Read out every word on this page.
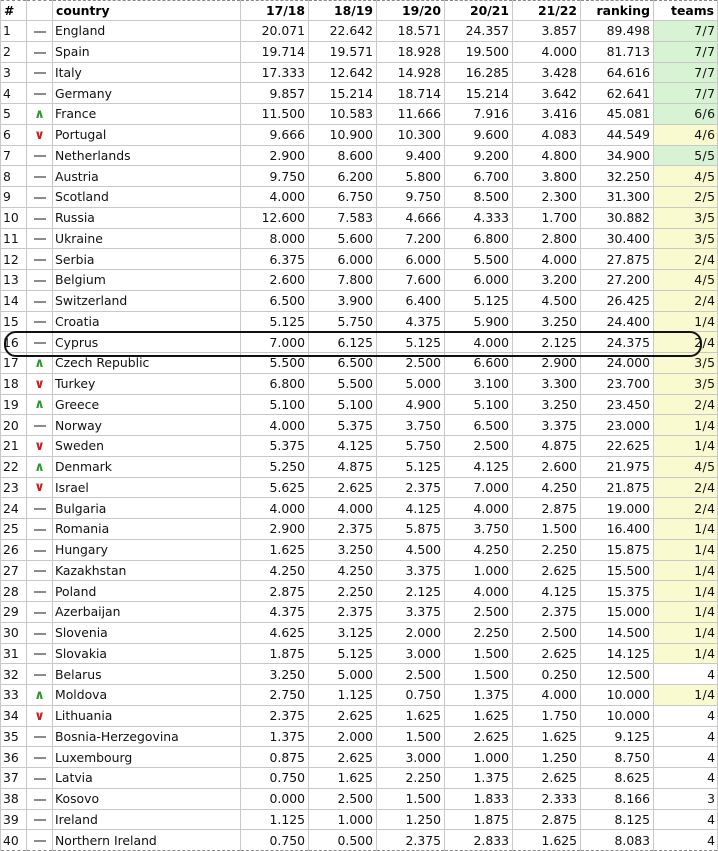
#		country	17/18	18/19	19/20	20/21	21/22	ranking	teams
1		England	20.071	22.642	18.571	24.357	3.857	89.498	7/7
2		Spain	19.714	19.571	18.928	19.500	4.000	81.713	7/7
3		Italy	17.333	12.642	14.928	16.285	3.428	64.616	7/7
4		Germany	9.857	15.214	18.714	15.214	3.642	62.641	7/7
5	∧	France	11.500	10.583	11.666	7.916	3.416	45.081	6/6
6	∨	Portugal	9.666	10.900	10.300	9.600	4.083	44.549	4/6
7		Netherlands	2.900	8.600	9.400	9.200	4.800	34.900	5/5
8		Austria	9.750	6.200	5.800	6.700	3.800	32.250	4/5
9		Scotland	4.000	6.750	9.750	8.500	2.300	31.300	2/5
10		Russia	12.600	7.583	4.666	4.333	1.700	30.882	3/5
11		Ukraine	8.000	5.600	7.200	6.800	2.800	30.400	3/5
12		Serbia	6.375	6.000	6.000	5.500	4.000	27.875	2/4
13		Belgium	2.600	7.800	7.600	6.000	3.200	27.200	4/5
14		Switzerland	6.500	3.900	6.400	5.125	4.500	26.425	2/4
15		Croatia	5.125	5.750	4.375	5.900	3.250	24.400	1/4
16		Cyprus	7.000	6.125	5.125	4.000	2.125	24.375	2/4
17	∧	Czech Republic	5.500	6.500	2.500	6.600	2.900	24.000	3/5
18	∨	Turkey	6.800	5.500	5.000	3.100	3.300	23.700	3/5
19	∧	Greece	5.100	5.100	4.900	5.100	3.250	23.450	2/4
20		Norway	4.000	5.375	3.750	6.500	3.375	23.000	1/4
21	∨	Sweden	5.375	4.125	5.750	2.500	4.875	22.625	1/4
22	∧	Denmark	5.250	4.875	5.125	4.125	2.600	21.975	4/5
23	∨	Israel	5.625	2.625	2.375	7.000	4.250	21.875	2/4
24		Bulgaria	4.000	4.000	4.125	4.000	2.875	19.000	2/4
25		Romania	2.900	2.375	5.875	3.750	1.500	16.400	1/4
26		Hungary	1.625	3.250	4.500	4.250	2.250	15.875	1/4
27		Kazakhstan	4.250	4.250	3.375	1.000	2.625	15.500	1/4
28		Poland	2.875	2.250	2.125	4.000	4.125	15.375	1/4
29		Azerbaijan	4.375	2.375	3.375	2.500	2.375	15.000	1/4
30		Slovenia	4.625	3.125	2.000	2.250	2.500	14.500	1/4
31		Slovakia	1.875	5.125	3.000	1.500	2.625	14.125	1/4
32		Belarus	3.250	5.000	2.500	1.500	0.250	12.500	4
33	∧	Moldova	2.750	1.125	0.750	1.375	4.000	10.000	1/4
34	∨	Lithuania	2.375	2.625	1.625	1.625	1.750	10.000	4
35		Bosnia-Herzegovina	1.375	2.000	1.500	2.625	1.625	9.125	4
36		Luxembourg	0.875	2.625	3.000	1.000	1.250	8.750	4
37		Latvia	0.750	1.625	2.250	1.375	2.625	8.625	4
38		Kosovo	0.000	2.500	1.500	1.833	2.333	8.166	3
39		Ireland	1.125	1.000	1.250	1.875	2.875	8.125	4
40		Northern Ireland	0.750	0.500	2.375	2.833	1.625	8.083	4
